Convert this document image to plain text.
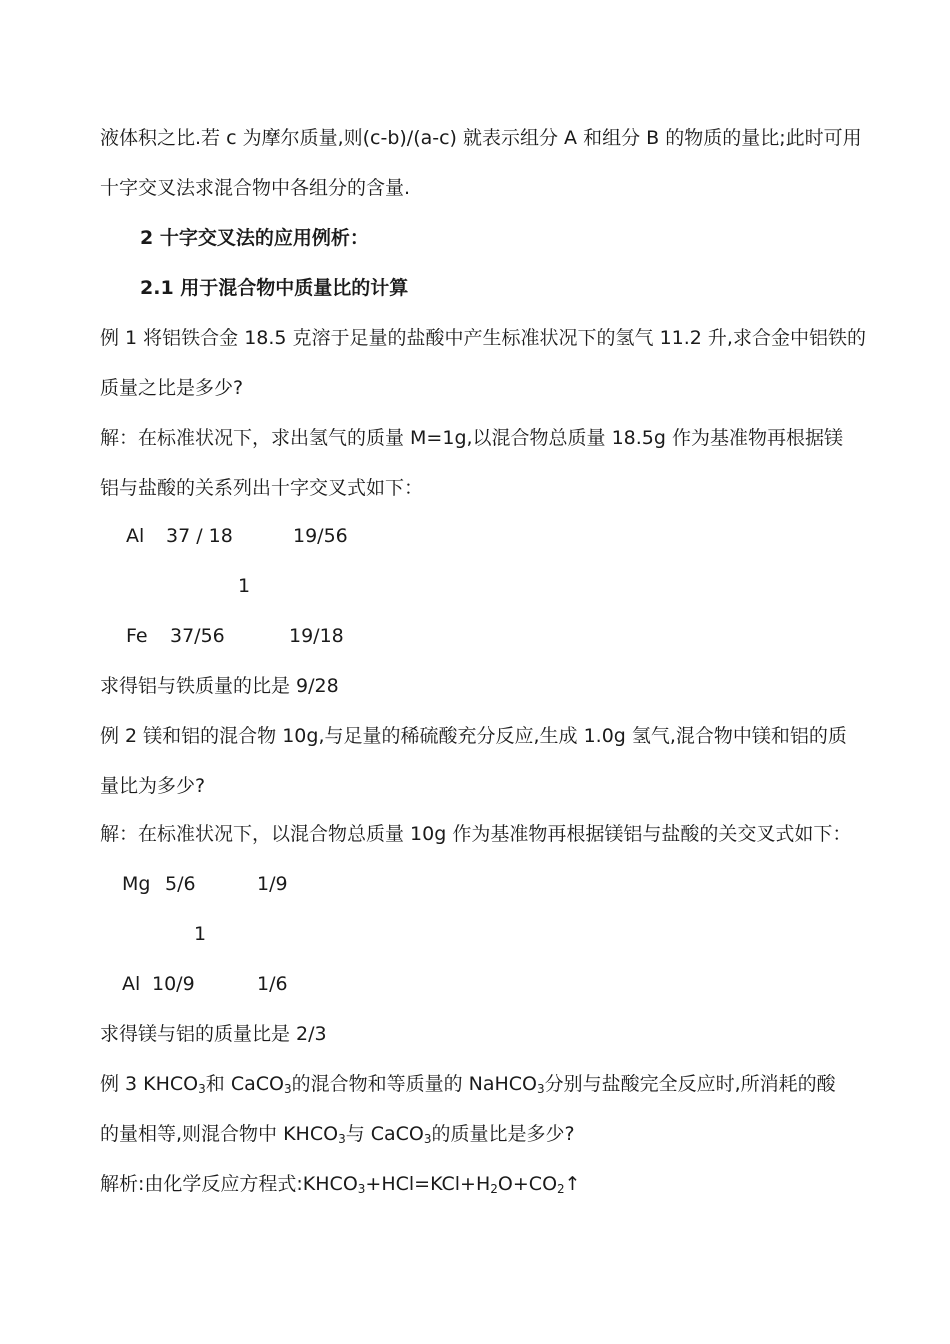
液体积之比.若 c 为摩尔质量,则(c-b)/(a-c) 就表示组分 A 和组分 B 的物质的量比;此时可用
十字交叉法求混合物中各组分的含量.
2 十字交叉法的应用例析：
2.1 用于混合物中质量比的计算
例 1 将铝铁合金 18.5 克溶于足量的盐酸中产生标准状况下的氢气 11.2 升,求合金中铝铁的
质量之比是多少?
解：在标准状况下，求出氢气的质量 M=1g,以混合物总质量 18.5g 作为基准物再根据镁
铝与盐酸的关系列出十字交叉式如下：
Al 37 / 18	19/56
1
Fe 37/56	19/18
求得铝与铁质量的比是 9/28
例 2 镁和铝的混合物 10g,与足量的稀硫酸充分反应,生成 1.0g 氢气,混合物中镁和铝的质
量比为多少?
解：在标准状况下，以混合物总质量 10g 作为基准物再根据镁铝与盐酸的关交叉式如下：
Mg 5/6	1/9
1
Al 10/9	1/6
求得镁与铝的质量比是 2/3
例 3 $KHCO_3$和 CaCO$_3$的混合物和等质量的 NaHCO$_3$分别与盐酸完全反应时,所消耗的酸
的量相等,则混合物中 $KHCO_3$与 CaCO$_3$的质量比是多少?
解析:由化学反应方程式$:KHCO_3+HCl=KCl+H_2O+CO_2↑$
